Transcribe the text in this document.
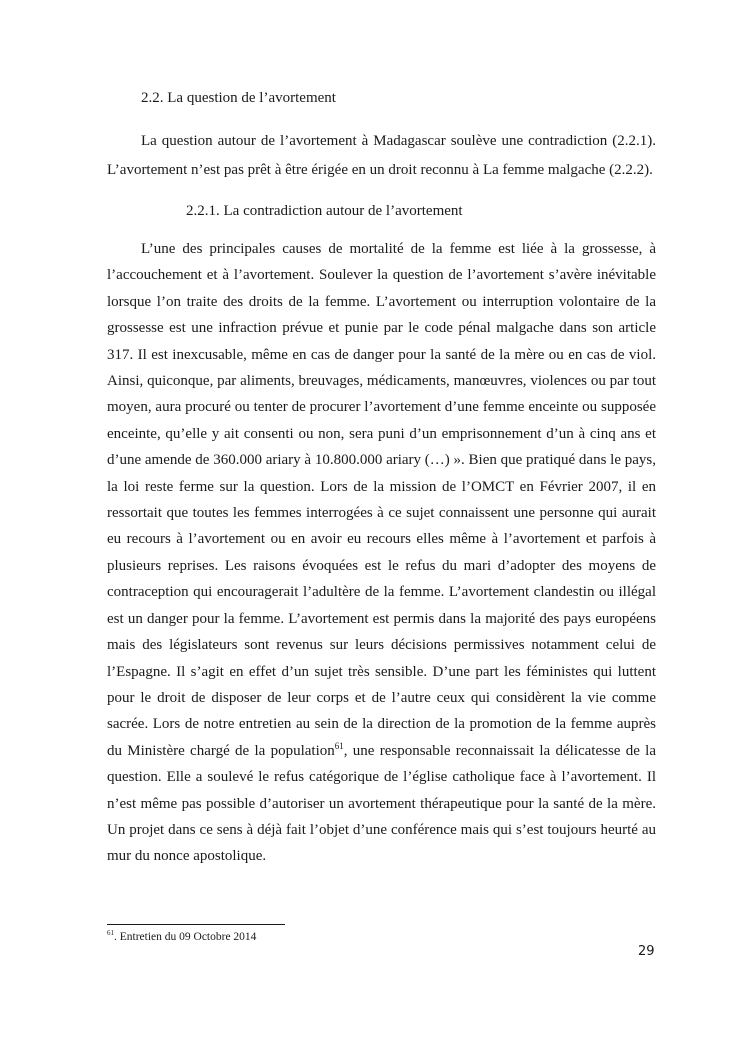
2.2. La question de l’avortement

La question autour de l’avortement à Madagascar soulève une contradiction (2.2.1). L’avortement n’est pas prêt à être érigée en un droit reconnu à La femme malgache (2.2.2).

2.2.1. La contradiction autour de l’avortement

L’une des principales causes de mortalité de la femme est liée à la grossesse, à l’accouchement et à l’avortement. Soulever la question de l’avortement s’avère inévitable lorsque l’on traite des droits de la femme. L’avortement ou interruption volontaire de la grossesse est une infraction prévue et punie par le code pénal malgache dans son article 317. Il est inexcusable, même en cas de danger pour la santé de la mère ou en cas de viol. Ainsi, quiconque, par aliments, breuvages, médicaments, manœuvres, violences ou par tout moyen, aura procuré ou tenter de procurer l’avortement d’une femme enceinte ou supposée enceinte, qu’elle y ait consenti ou non, sera puni d’un emprisonnement d’un à cinq ans et d’une amende de 360.000 ariary à 10.800.000 ariary (…) ». Bien que pratiqué dans le pays, la loi reste ferme sur la question. Lors de la mission de l’OMCT en Février 2007, il en ressortait que toutes les femmes interrogées à ce sujet connaissent une personne qui aurait eu recours à l’avortement ou en avoir eu recours elles même à l’avortement et parfois à plusieurs reprises. Les raisons évoquées est le refus du mari d’adopter des moyens de contraception qui encouragerait l’adultère de la femme. L’avortement clandestin ou illégal est un danger pour la femme. L’avortement est permis dans la majorité des pays européens mais des législateurs sont revenus sur leurs décisions permissives notamment celui de l’Espagne. Il s’agit en effet d’un sujet très sensible. D’une part les féministes qui luttent pour le droit de disposer de leur corps et de l’autre ceux qui considèrent la vie comme sacrée. Lors de notre entretien au sein de la direction de la promotion de la femme auprès du Ministère chargé de la population$^{61}$, une responsable reconnaissait la délicatesse de la question. Elle a soulevé le refus catégorique de l’église catholique face à l’avortement. Il n’est même pas possible d’autoriser un avortement thérapeutique pour la santé de la mère. Un projet dans ce sens à déjà fait l’objet d’une conférence mais qui s’est toujours heurté au mur du nonce apostolique.

$^{61}$. Entretien du 09 Octobre 2014
29
